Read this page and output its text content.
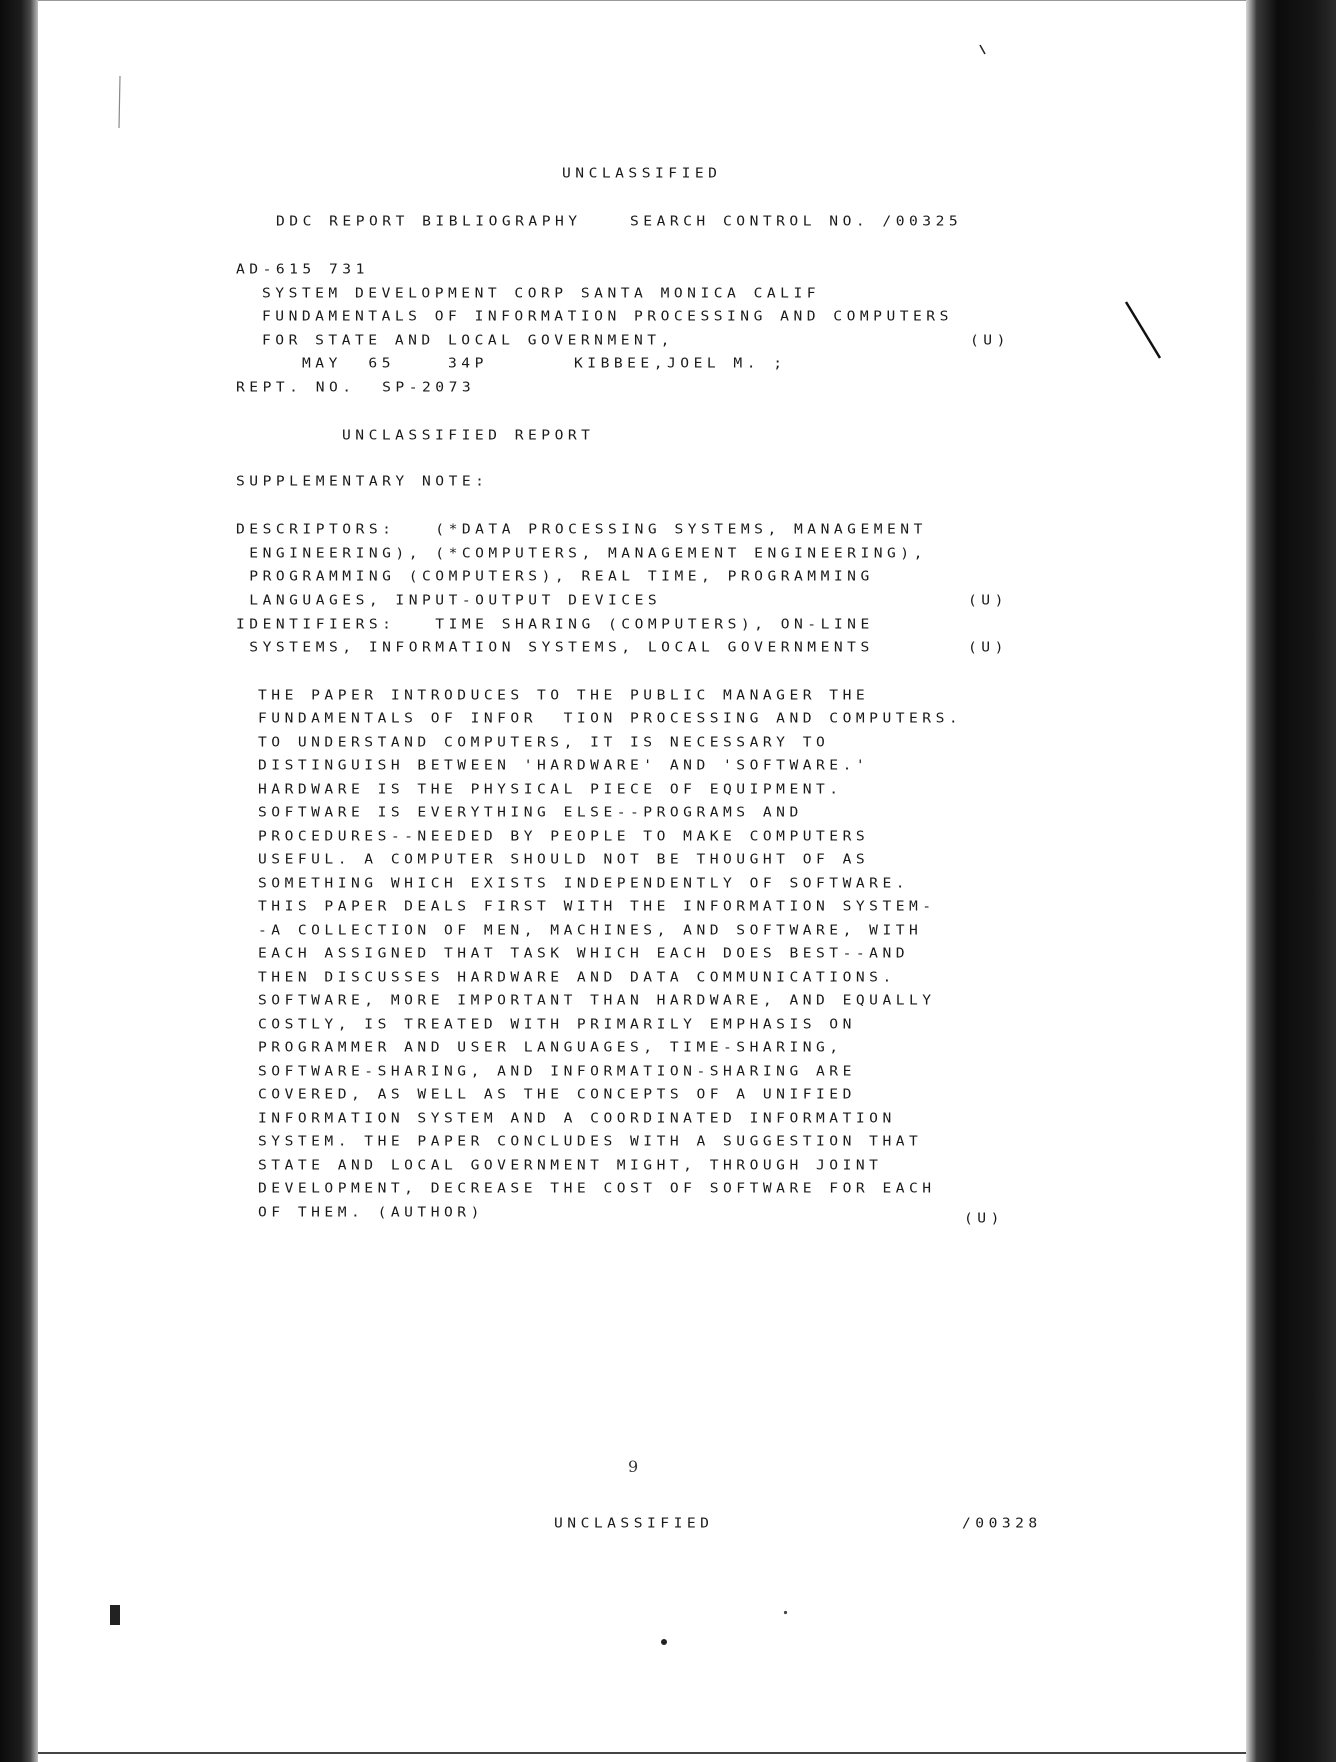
UNCLASSIFIED
DDC REPORT BIBLIOGRAPHY	SEARCH CONTROL NO. /00325
AD-615 731
SYSTEM DEVELOPMENT CORP SANTA MONICA CALIF
FUNDAMENTALS OF INFORMATION PROCESSING AND COMPUTERS
FOR STATE AND LOCAL GOVERNMENT,	(U)
MAY  65	34P	KIBBEE,JOEL M. ;
REPT. NO.  SP-2073
UNCLASSIFIED REPORT
SUPPLEMENTARY NOTE:
DESCRIPTORS:   (*DATA PROCESSING SYSTEMS, MANAGEMENT
ENGINEERING), (*COMPUTERS, MANAGEMENT ENGINEERING),
PROGRAMMING (COMPUTERS), REAL TIME, PROGRAMMING
LANGUAGES, INPUT-OUTPUT DEVICES	(U)
IDENTIFIERS:   TIME SHARING (COMPUTERS), ON-LINE
SYSTEMS, INFORMATION SYSTEMS, LOCAL GOVERNMENTS	(U)
THE PAPER INTRODUCES TO THE PUBLIC MANAGER THE
FUNDAMENTALS OF INFOR  TION PROCESSING AND COMPUTERS.
TO UNDERSTAND COMPUTERS, IT IS NECESSARY TO
DISTINGUISH BETWEEN 'HARDWARE' AND 'SOFTWARE.'
HARDWARE IS THE PHYSICAL PIECE OF EQUIPMENT.
SOFTWARE IS EVERYTHING ELSE--PROGRAMS AND
PROCEDURES--NEEDED BY PEOPLE TO MAKE COMPUTERS
USEFUL. A COMPUTER SHOULD NOT BE THOUGHT OF AS
SOMETHING WHICH EXISTS INDEPENDENTLY OF SOFTWARE.
THIS PAPER DEALS FIRST WITH THE INFORMATION SYSTEM-
-A COLLECTION OF MEN, MACHINES, AND SOFTWARE, WITH
EACH ASSIGNED THAT TASK WHICH EACH DOES BEST--AND
THEN DISCUSSES HARDWARE AND DATA COMMUNICATIONS.
SOFTWARE, MORE IMPORTANT THAN HARDWARE, AND EQUALLY
COSTLY, IS TREATED WITH PRIMARILY EMPHASIS ON
PROGRAMMER AND USER LANGUAGES, TIME-SHARING,
SOFTWARE-SHARING, AND INFORMATION-SHARING ARE
COVERED, AS WELL AS THE CONCEPTS OF A UNIFIED
INFORMATION SYSTEM AND A COORDINATED INFORMATION
SYSTEM. THE PAPER CONCLUDES WITH A SUGGESTION THAT
STATE AND LOCAL GOVERNMENT MIGHT, THROUGH JOINT
DEVELOPMENT, DECREASE THE COST OF SOFTWARE FOR EACH
OF THEM. (AUTHOR)	(U)
9
UNCLASSIFIED	/00328
